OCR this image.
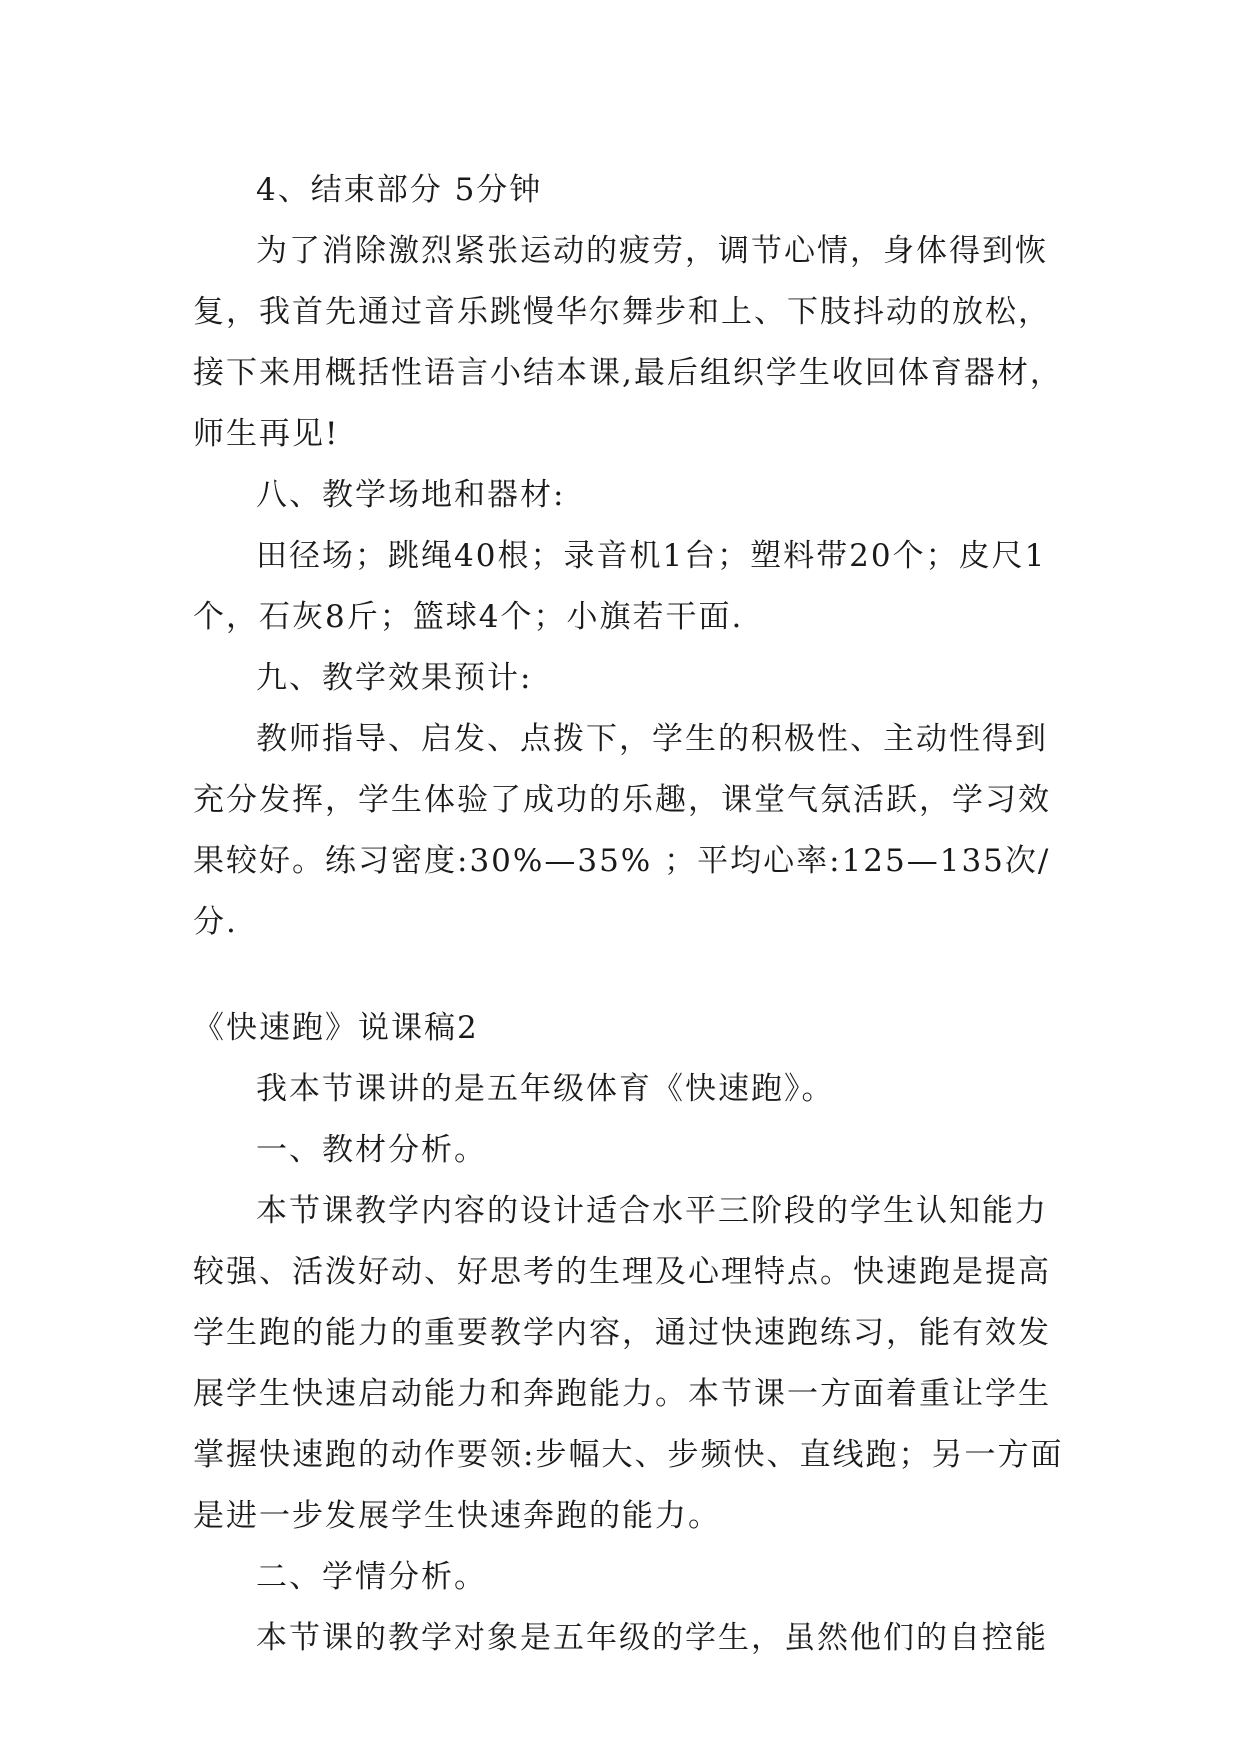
4、结束部分 5分钟

为了消除激烈紧张运动的疲劳，调节心情，身体得到恢复，我首先通过音乐跳慢华尔舞步和上、下肢抖动的放松，接下来用概括性语言小结本课,最后组织学生收回体育器材，师生再见!

八、教学场地和器材:

田径场；跳绳40根；录音机1台；塑料带20个；皮尺1个，石灰8斤；篮球4个；小旗若干面.

九、教学效果预计:

教师指导、启发、点拨下，学生的积极性、主动性得到充分发挥，学生体验了成功的乐趣，课堂气氛活跃，学习效果较好。练习密度:30%—35% ；平均心率:125—135次/分.

《快速跑》说课稿2

我本节课讲的是五年级体育《快速跑》。

一、教材分析。

本节课教学内容的设计适合水平三阶段的学生认知能力较强、活泼好动、好思考的生理及心理特点。快速跑是提高学生跑的能力的重要教学内容，通过快速跑练习，能有效发展学生快速启动能力和奔跑能力。本节课一方面着重让学生掌握快速跑的动作要领:步幅大、步频快、直线跑；另一方面是进一步发展学生快速奔跑的能力。

二、学情分析。

本节课的教学对象是五年级的学生，虽然他们的自控能
